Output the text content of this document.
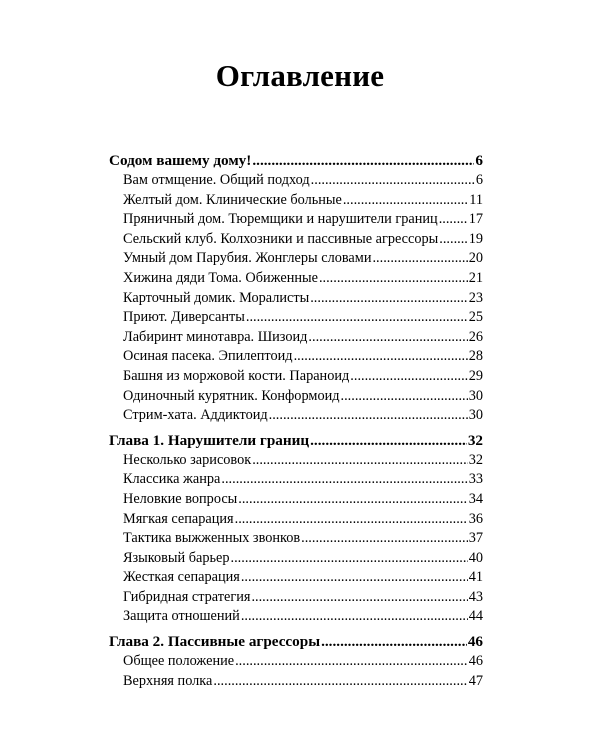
Оглавление
Содом вашему дому! .....	6
Вам отмщение. Общий подход .....	6
Желтый дом. Клинические больные .....	11
Пряничный дом. Тюремщики и нарушители границ ..... 17
Сельский клуб. Колхозники и пассивные агрессоры ..... 19
Умный дом Парубия. Жонглеры словами .....	20
Хижина дяди Тома. Обиженные .....	21
Карточный домик. Моралисты .....	23
Приют. Диверсанты .....	25
Лабиринт минотавра. Шизоид .....	26
Осиная пасека. Эпилептоид .....	28
Башня из моржовой кости. Параноид .....	29
Одиночный курятник. Конформоид .....	30
Стрим-хата. Аддиктоид .....	30
Глава 1. Нарушители границ .....	32
Несколько зарисовок .....	32
Классика жанра .....	33
Неловкие вопросы .....	34
Мягкая сепарация .....	36
Тактика выжженных звонков .....	37
Языковый барьер .....	40
Жесткая сепарация .....	41
Гибридная стратегия .....	43
Защита отношений .....	44
Глава 2. Пассивные агрессоры .....	46
Общее положение .....	46
Верхняя полка .....	47
